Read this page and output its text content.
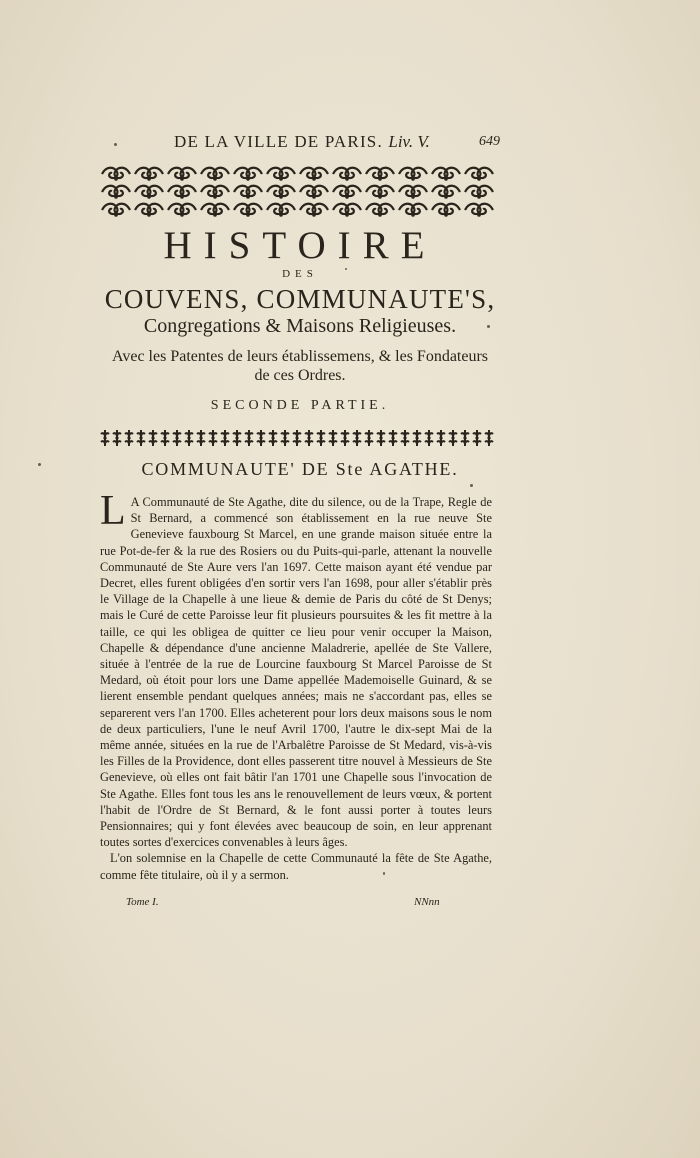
DE LA VILLE DE PARIS. Liv. V.	649
HISTOIRE
DES
COUVENS, COMMUNAUTE'S,
Congregations & Maisons Religieuses.
Avec les Patentes de leurs établissemens, & les Fondateurs de ces Ordres.
SECONDE PARTIE.
COMMUNAUTE' DE Ste AGATHE.

L A Communauté de Ste Agathe, dite du silence, ou de la Trape, Regle de St Bernard, a commencé son établissement en la rue neuve Ste Genevieve fauxbourg St Marcel, en une grande maison située entre la rue Pot-de-fer & la rue des Rosiers ou du Puits-qui-parle, attenant la nouvelle Communauté de Ste Aure vers l'an 1697. Cette maison ayant été vendue par Decret, elles furent obligées d'en sortir vers l'an 1698, pour aller s'établir près le Village de la Chapelle à une lieue & demie de Paris du côté de St Denys; mais le Curé de cette Paroisse leur fit plusieurs poursuites & les fit mettre à la taille, ce qui les obligea de quitter ce lieu pour venir occuper la Maison, Chapelle & dépendance d'une ancienne Maladrerie, apellée de Ste Vallere, située à l'entrée de la rue de Lourcine fauxbourg St Marcel Paroisse de St Medard, où étoit pour lors une Dame appellée Mademoiselle Guinard, & se lierent ensemble pendant quelques années; mais ne s'accordant pas, elles se separerent vers l'an 1700. Elles acheterent pour lors deux maisons sous le nom de deux particuliers, l'une le neuf Avril 1700, l'autre le dix-sept Mai de la même année, situées en la rue de l'Arbalêtre Paroisse de St Medard, vis-à-vis les Filles de la Providence, dont elles passerent titre nouvel à Messieurs de Ste Genevieve, où elles ont fait bâtir l'an 1701 une Chapelle sous l'invocation de Ste Agathe. Elles font tous les ans le renouvellement de leurs vœux, & portent l'habit de l'Ordre de St Bernard, & le font aussi porter à toutes leurs Pensionnaires; qui y font élevées avec beaucoup de soin, en leur apprenant toutes sortes d'exercices convenables à leurs âges.

L'on solemnise en la Chapelle de cette Communauté la fête de Ste Agathe, comme fête titulaire, où il y a sermon.

Tome I.	NNnn
